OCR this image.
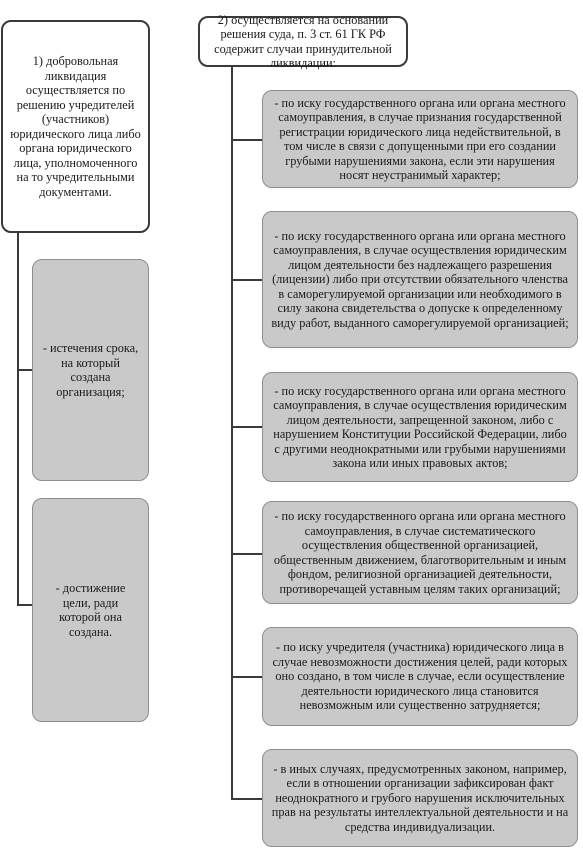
1) добровольная ликвидация осуществляется по решению учредителей (участников) юридического лица либо органа юридического лица, уполномоченного на то учредительными документами.
- истечения срока, на который создана организация;
- достижение цели, ради которой она создана.
2) осуществляется на основании решения суда, п. 3 ст. 61 ГК РФ содержит случаи принудительной ликвидации:
- по иску государственного органа или органа местного самоуправления, в случае признания государственной регистрации юридического лица недействительной, в том числе в связи с допущенными при его создании грубыми нарушениями закона, если эти нарушения носят неустранимый характер;
- по иску государственного органа или органа местного самоуправления, в случае осуществления юридическим лицом деятельности без надлежащего разрешения (лицензии) либо при отсутствии обязательного членства в саморегулируемой организации или необходимого в силу закона свидетельства о допуске к определенному виду работ, выданного саморегулируемой организацией;
- по иску государственного органа или органа местного самоуправления, в случае осуществления юридическим лицом деятельности, запрещенной законом, либо с нарушением Конституции Российской Федерации, либо с другими неоднократными или грубыми нарушениями закона или иных правовых актов;
- по иску государственного органа или органа местного самоуправления, в случае систематического осуществления общественной организацией, общественным движением, благотворительным и иным фондом, религиозной организацией деятельности, противоречащей уставным целям таких организаций;
- по иску учредителя (участника) юридического лица в случае невозможности достижения целей, ради которых оно создано, в том числе в случае, если осуществление деятельности юридического лица становится невозможным или существенно затрудняется;
- в иных случаях, предусмотренных законом, например, если в отношении организации зафиксирован факт неоднократного и грубого нарушения исключительных прав на результаты интеллектуальной деятельности и на средства индивидуализации.
